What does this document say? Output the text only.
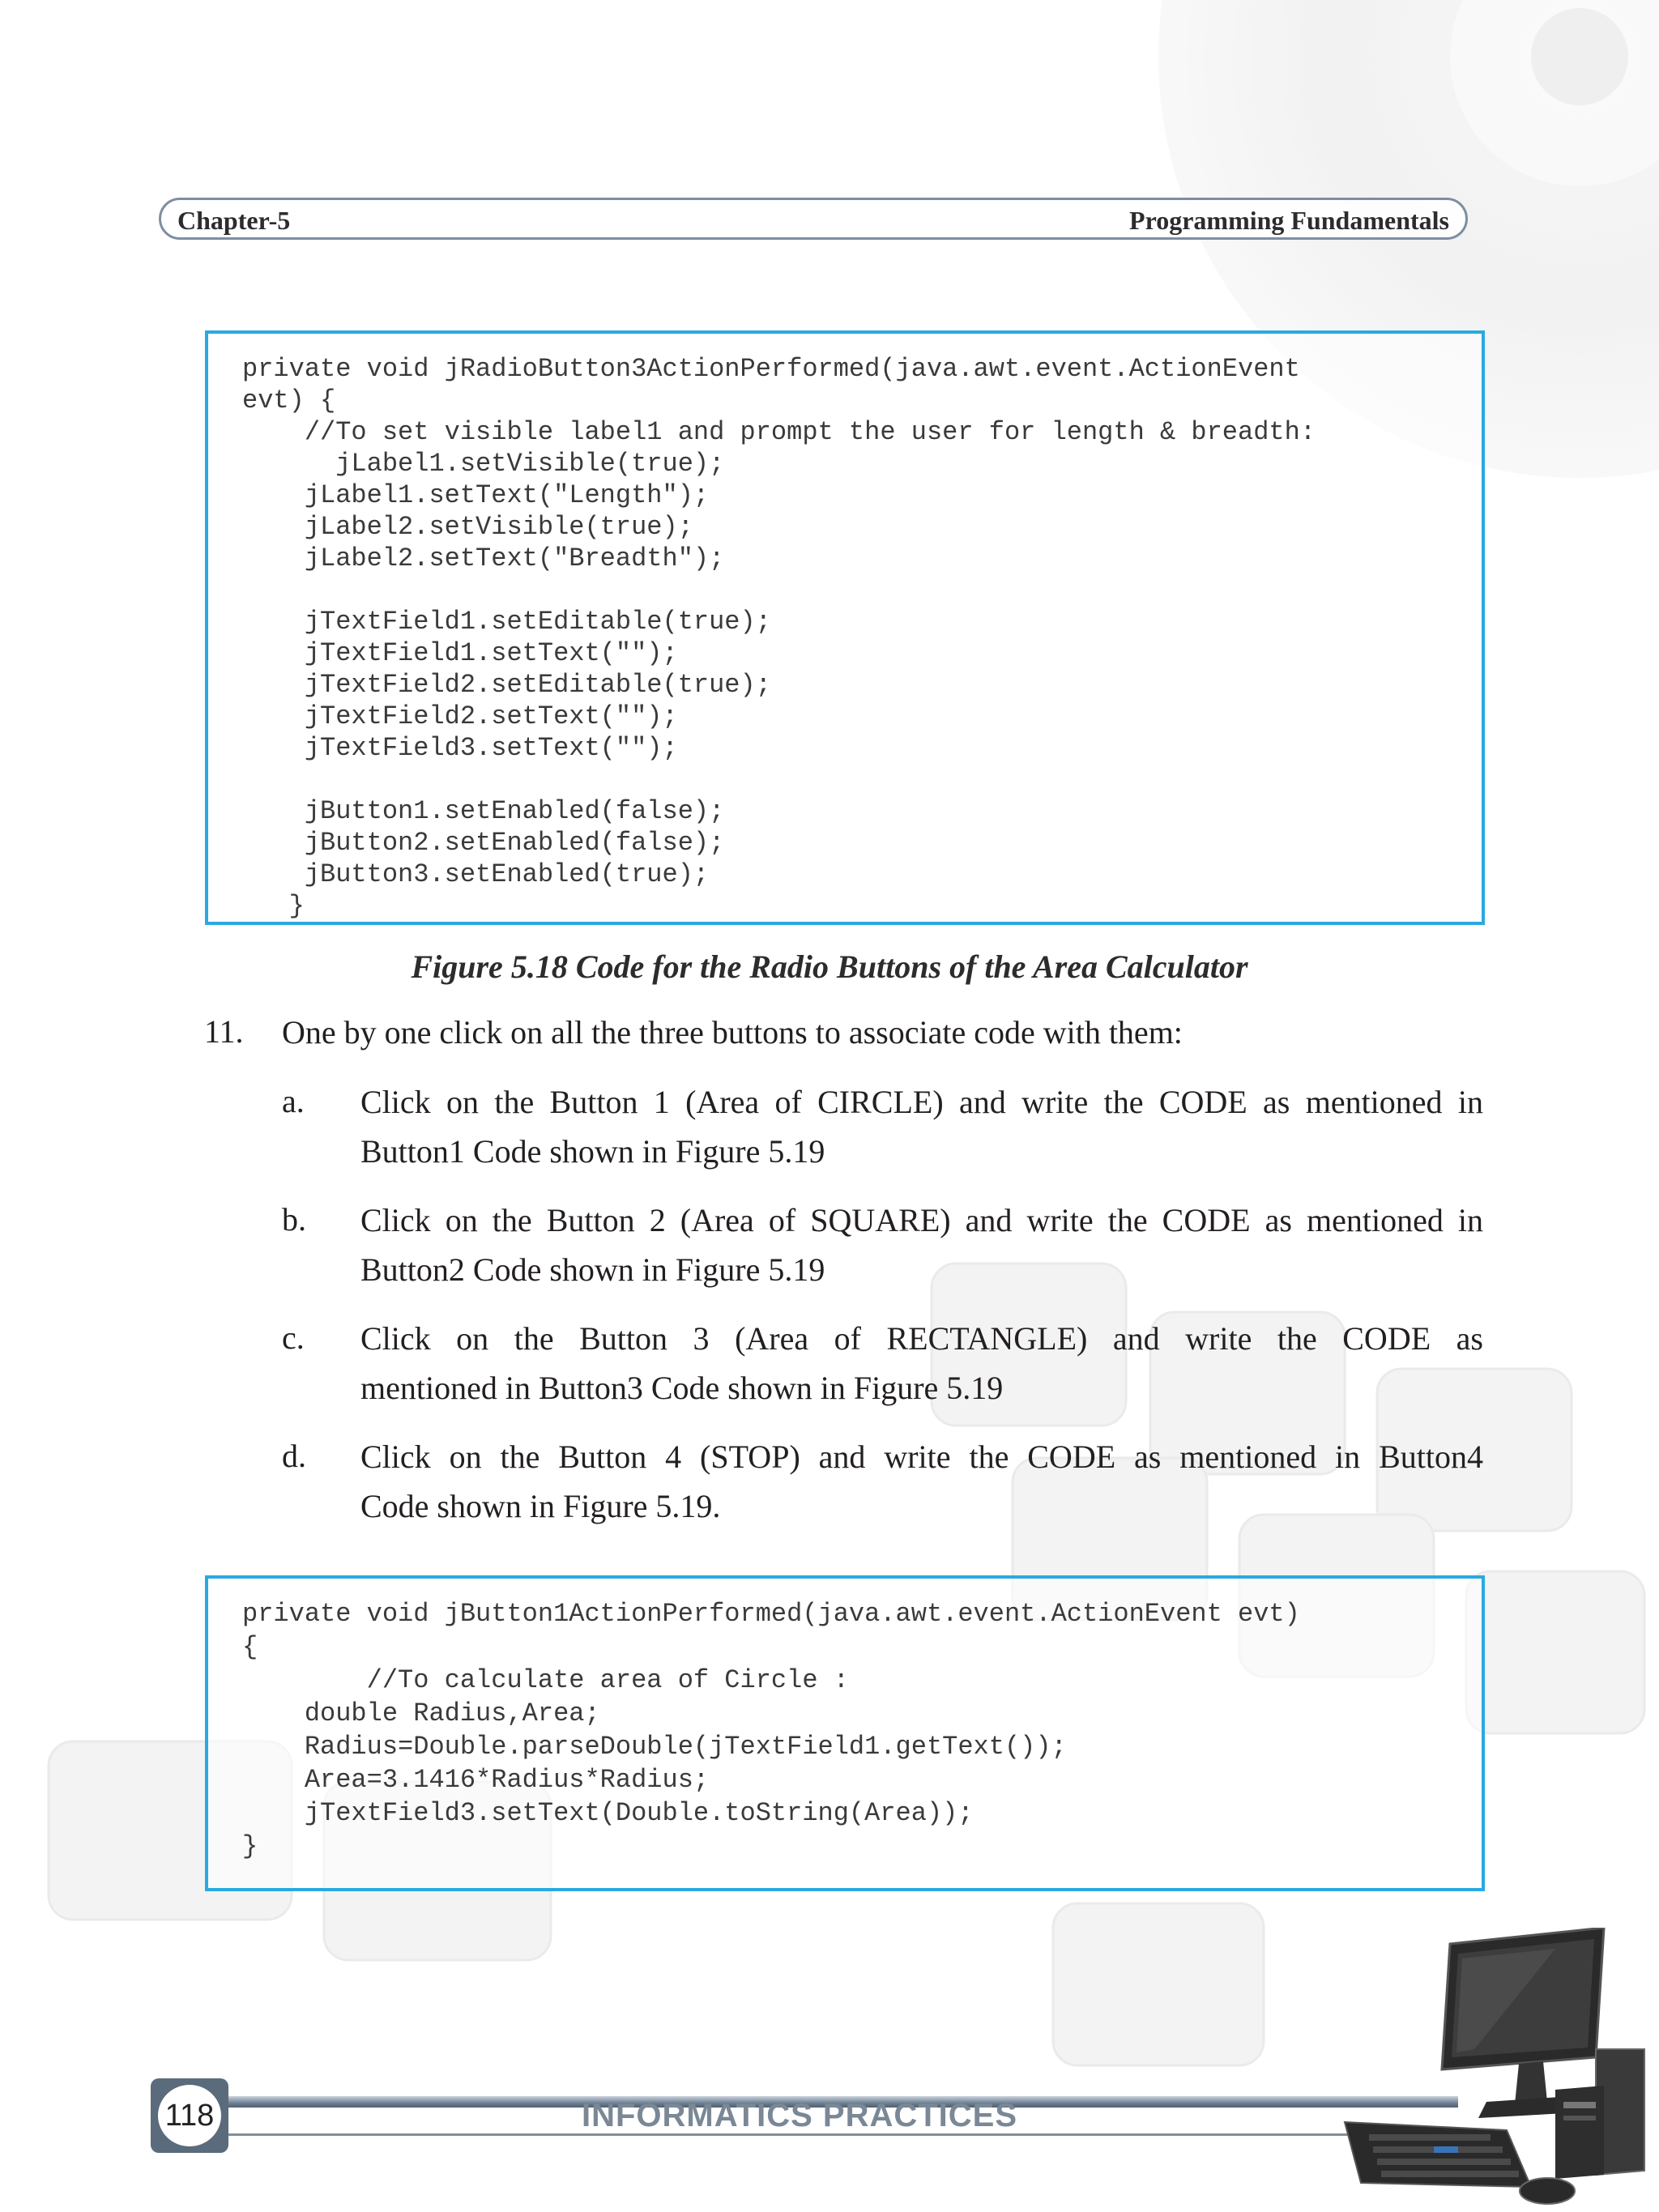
Chapter-5	Programming Fundamentals
private void jRadioButton3ActionPerformed(java.awt.event.ActionEvent
evt) {
//To set visible label1 and prompt the user for length & breadth:
jLabel1.setVisible(true);
jLabel1.setText("Length");
jLabel2.setVisible(true);
jLabel2.setText("Breadth");
jTextField1.setEditable(true);
jTextField1.setText("");
jTextField2.setEditable(true);
jTextField2.setText("");
jTextField3.setText("");
jButton1.setEnabled(false);
jButton2.setEnabled(false);
jButton3.setEnabled(true);
}
Figure 5.18 Code for the Radio Buttons of the Area Calculator
11. One by one click on all the three buttons to associate code with them:
a. Click on the Button 1 (Area of CIRCLE) and write the CODE as mentioned in
Button1 Code shown in Figure 5.19
b. Click on the Button 2 (Area of SQUARE) and write the CODE as mentioned in
Button2 Code shown in Figure 5.19
c. Click on the Button 3 (Area of RECTANGLE) and write the CODE as
mentioned in Button3 Code shown in Figure 5.19
d. Click on the Button 4 (STOP) and write the CODE as mentioned in Button4
Code shown in Figure 5.19.
private void jButton1ActionPerformed(java.awt.event.ActionEvent evt)
{
//To calculate area of Circle :
double Radius,Area;
Radius=Double.parseDouble(jTextField1.getText());
Area=3.1416*Radius*Radius;
jTextField3.setText(Double.toString(Area));
}
118	INFORMATICS PRACTICES
